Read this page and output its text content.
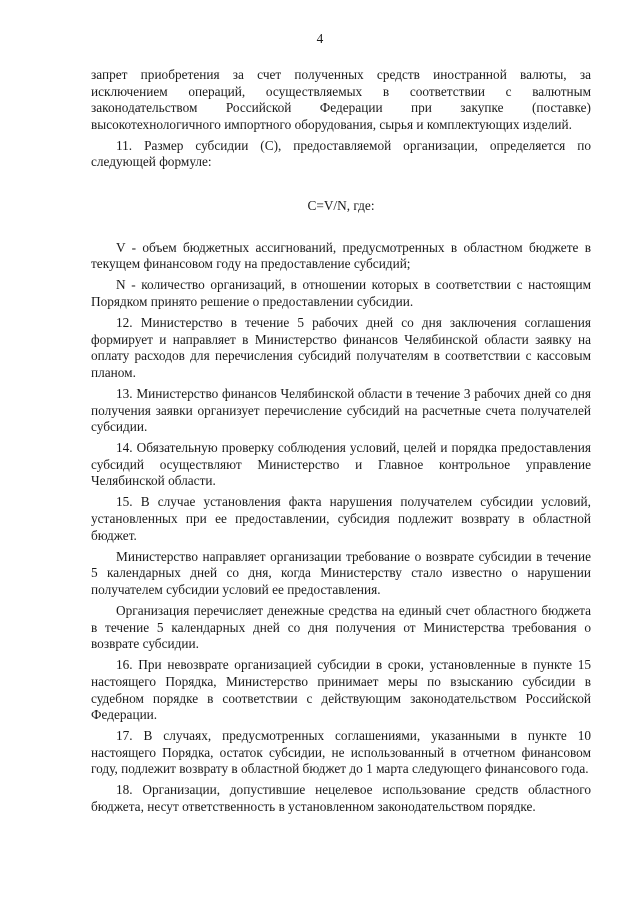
4

запрет приобретения за счет полученных средств иностранной валюты, за исключением операций, осуществляемых в соответствии с валютным законодательством Российской Федерации при закупке (поставке) высокотехнологичного импортного оборудования, сырья и комплектующих изделий.

11. Размер субсидии (С), предоставляемой организации, определяется по следующей формуле:

C=V/N, где:

V - объем бюджетных ассигнований, предусмотренных в областном бюджете в текущем финансовом году на предоставление субсидий;

N - количество организаций, в отношении которых в соответствии с настоящим Порядком принято решение о предоставлении субсидии.

12. Министерство в течение 5 рабочих дней со дня заключения соглашения формирует и направляет в Министерство финансов Челябинской области заявку на оплату расходов для перечисления субсидий получателям в соответствии с кассовым планом.

13. Министерство финансов Челябинской области в течение 3 рабочих дней со дня получения заявки организует перечисление субсидий на расчетные счета получателей субсидии.

14. Обязательную проверку соблюдения условий, целей и порядка предоставления субсидий осуществляют Министерство и Главное контрольное управление Челябинской области.

15. В случае установления факта нарушения получателем субсидии условий, установленных при ее предоставлении, субсидия подлежит возврату в областной бюджет.

Министерство направляет организации требование о возврате субсидии в течение 5 календарных дней со дня, когда Министерству стало известно о нарушении получателем субсидии условий ее предоставления.

Организация перечисляет денежные средства на единый счет областного бюджета в течение 5 календарных дней со дня получения от Министерства требования о возврате субсидии.

16. При невозврате организацией субсидии в сроки, установленные в пункте 15 настоящего Порядка, Министерство принимает меры по взысканию субсидии в судебном порядке в соответствии с действующим законодательством Российской Федерации.

17. В случаях, предусмотренных соглашениями, указанными в пункте 10 настоящего Порядка, остаток субсидии, не использованный в отчетном финансовом году, подлежит возврату в областной бюджет до 1 марта следующего финансового года.

18. Организации, допустившие нецелевое использование средств областного бюджета, несут ответственность в установленном законодательством порядке.
